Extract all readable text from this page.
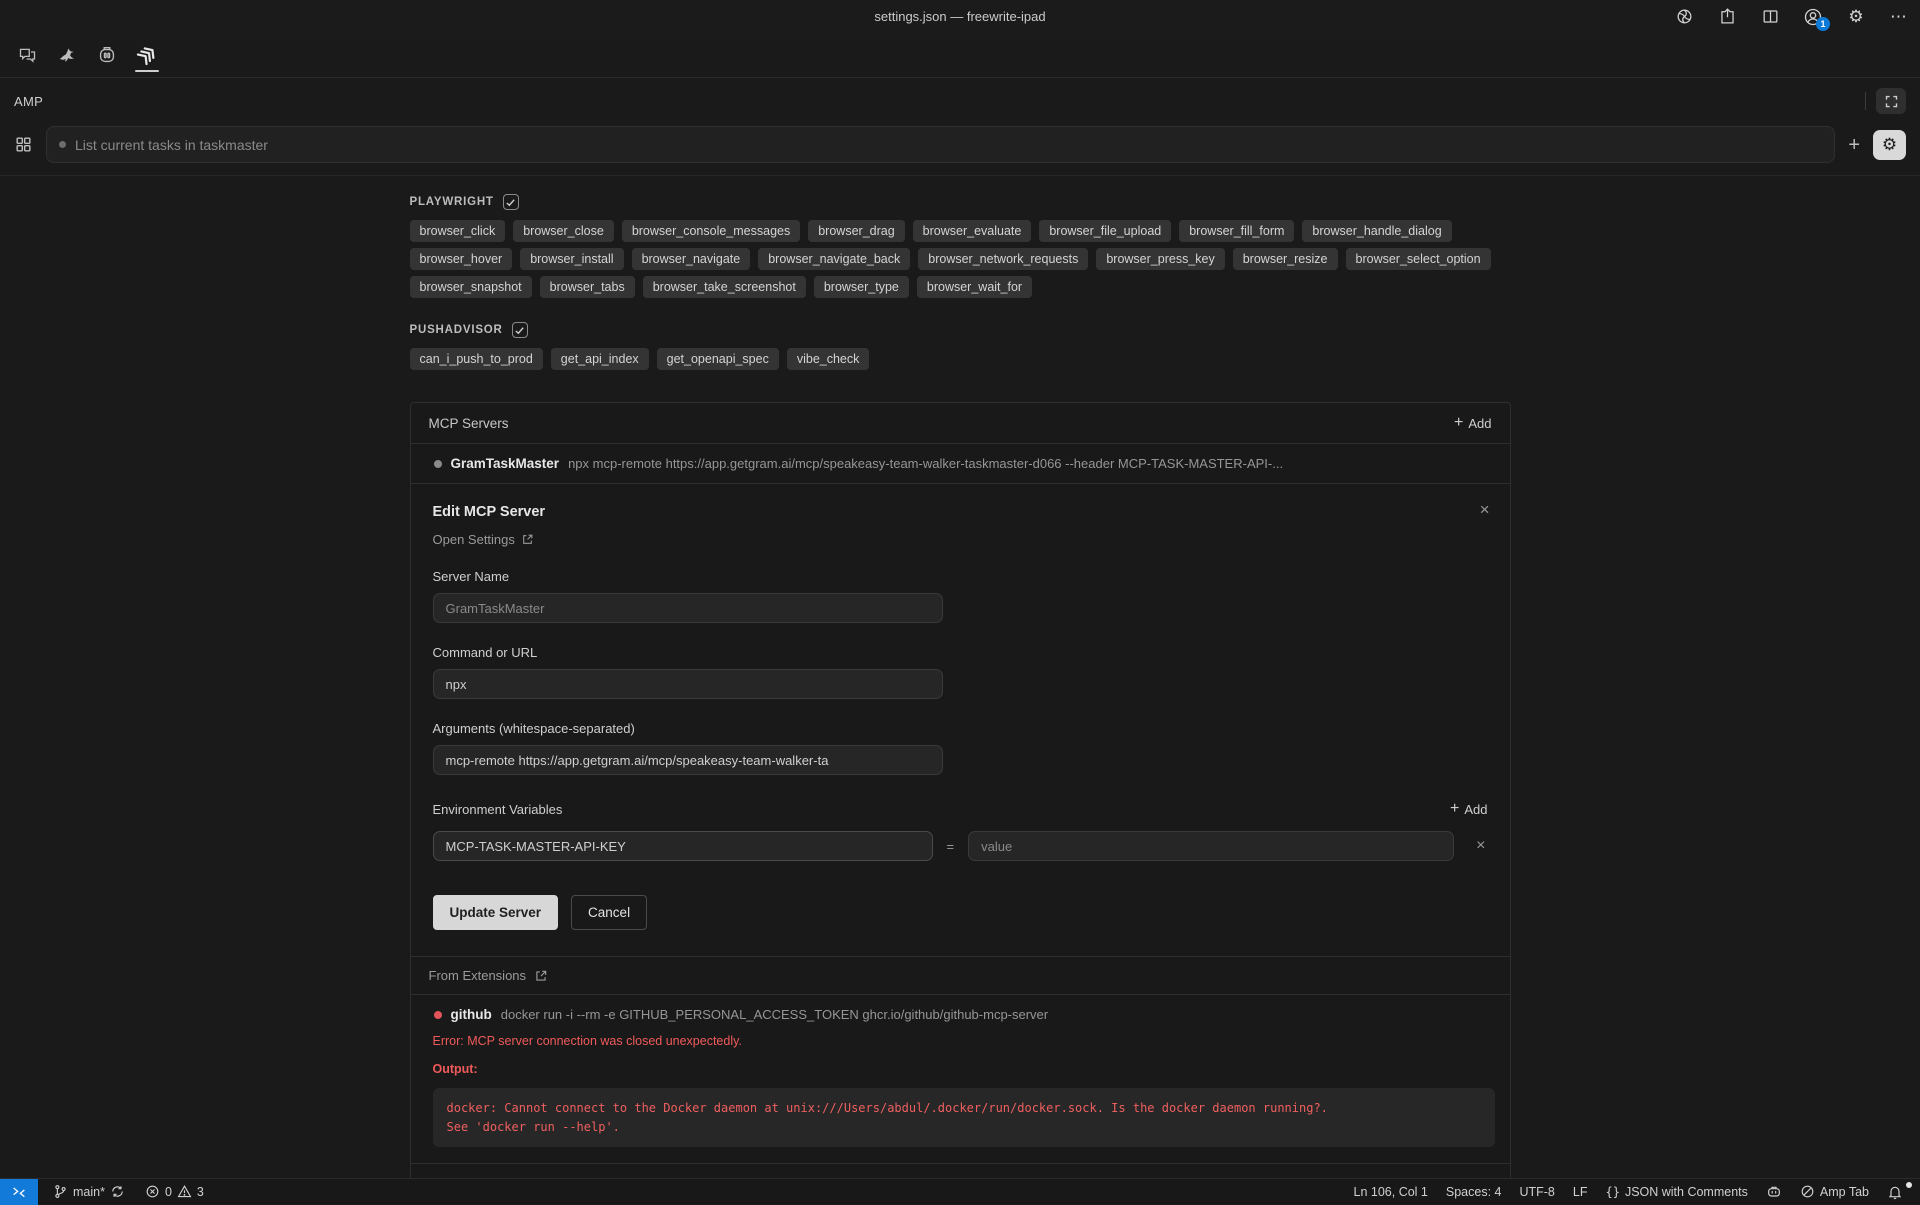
settings.json — freewrite-ipad	1 ⚙ ⋯
AMP
List current tasks in taskmaster
+ ⚙
PLAYWRIGHT
browser_click	browser_close	browser_console_messages	browser_drag	browser_evaluate	browser_file_upload	browser_fill_form	browser_handle_dialog
browser_hover	browser_install	browser_navigate	browser_navigate_back	browser_network_requests	browser_press_key	browser_resize	browser_select_option
browser_snapshot	browser_tabs	browser_take_screenshot	browser_type	browser_wait_for
PUSHADVISOR
can_i_push_to_prod	get_api_index	get_openapi_spec	vibe_check
MCP Servers	+ Add
GramTaskMaster npx mcp-remote https://app.getgram.ai/mcp/speakeasy-team-walker-taskmaster-d066 --header MCP-TASK-MASTER-API-...
Edit MCP Server	×
Open Settings
Server Name
GramTaskMaster
Command or URL
npx
Arguments (whitespace-separated)
mcp-remote https://app.getgram.ai/mcp/speakeasy-team-walker-ta
Environment Variables	+ Add
MCP-TASK-MASTER-API-KEY
=
value	×
Update Server	Cancel
From Extensions
github docker run -i --rm -e GITHUB_PERSONAL_ACCESS_TOKEN ghcr.io/github/github-mcp-server
Error: MCP server connection was closed unexpectedly.
Output:
docker: Cannot connect to the Docker daemon at unix:///Users/abdul/.docker/run/docker.sock. Is the docker daemon running?.
See 'docker run --help'.
main*	0 3	Ln 106, Col 1	Spaces: 4	UTF-8	LF	{} JSON with Comments	Amp Tab
